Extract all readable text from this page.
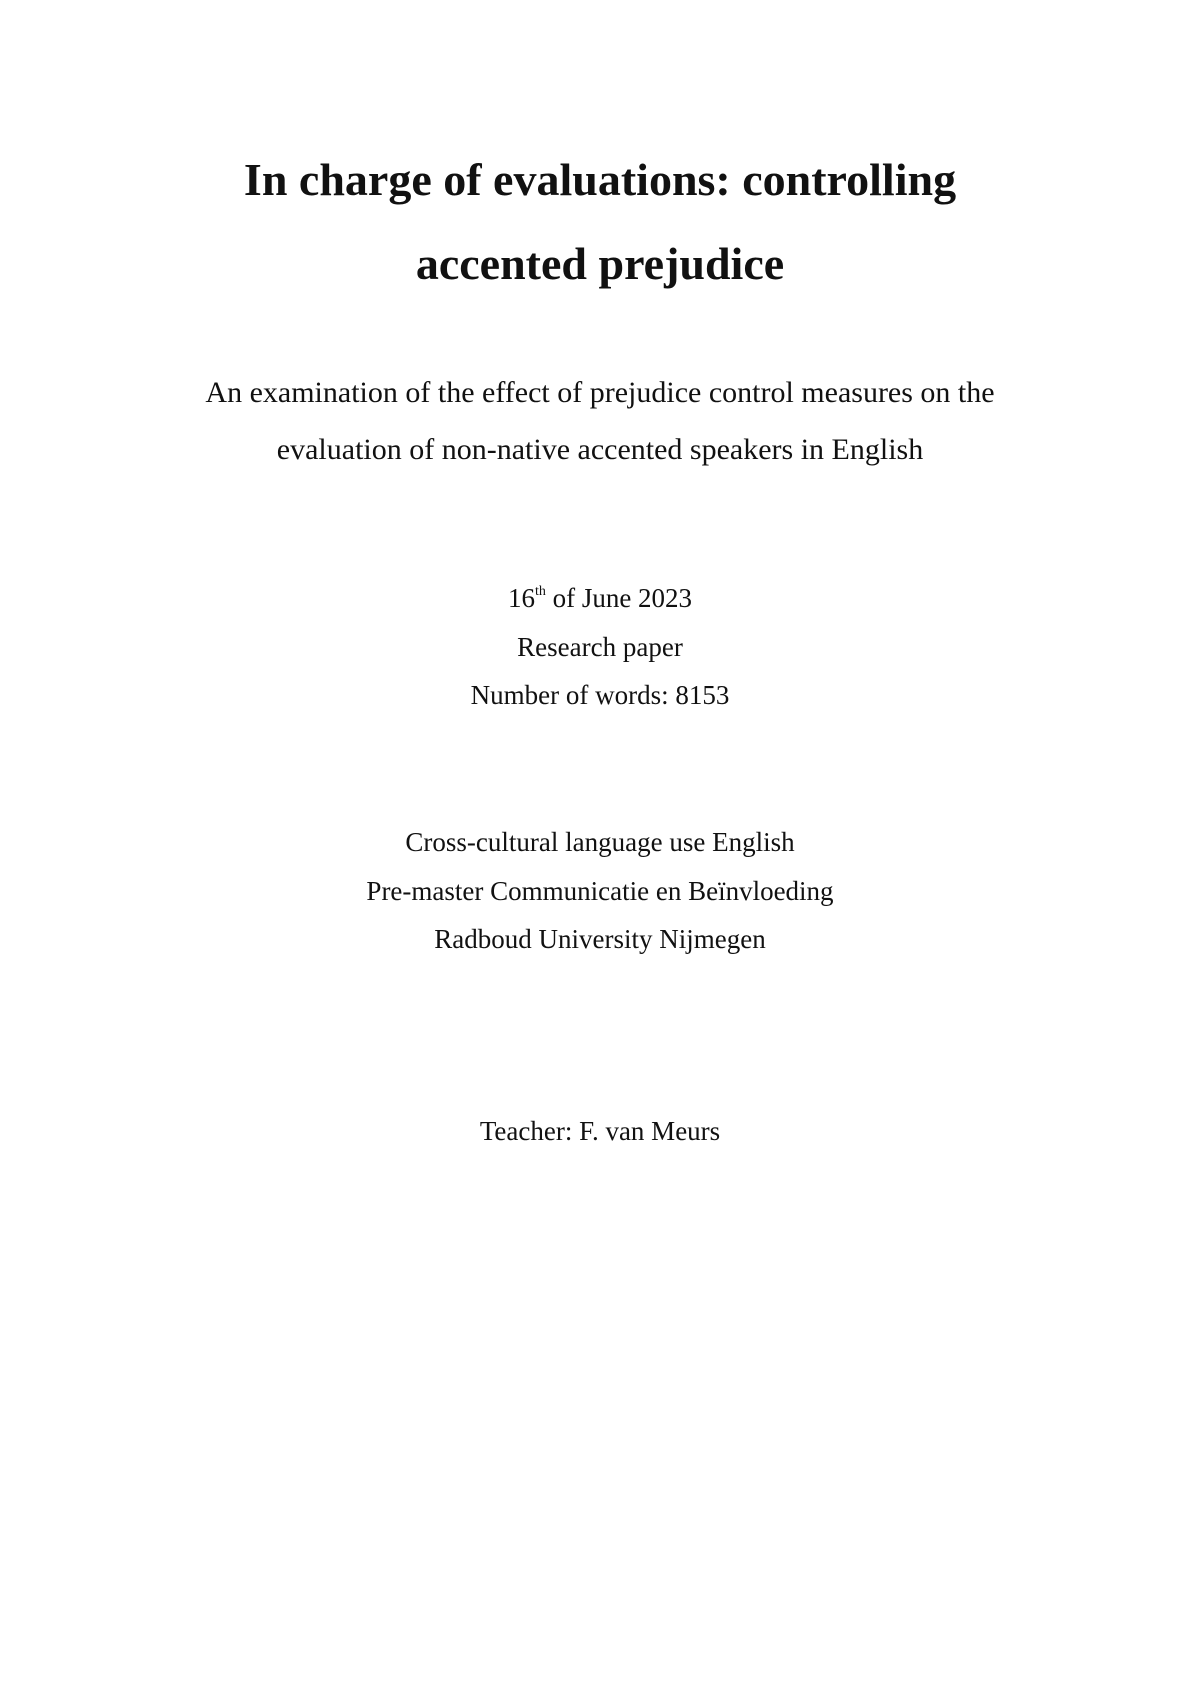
In charge of evaluations: controlling
accented prejudice

An examination of the effect of prejudice control measures on the
evaluation of non-native accented speakers in English

16th of June 2023
Research paper
Number of words: 8153
Cross-cultural language use English
Pre-master Communicatie en Beïnvloeding
Radboud University Nijmegen
Teacher: F. van Meurs
